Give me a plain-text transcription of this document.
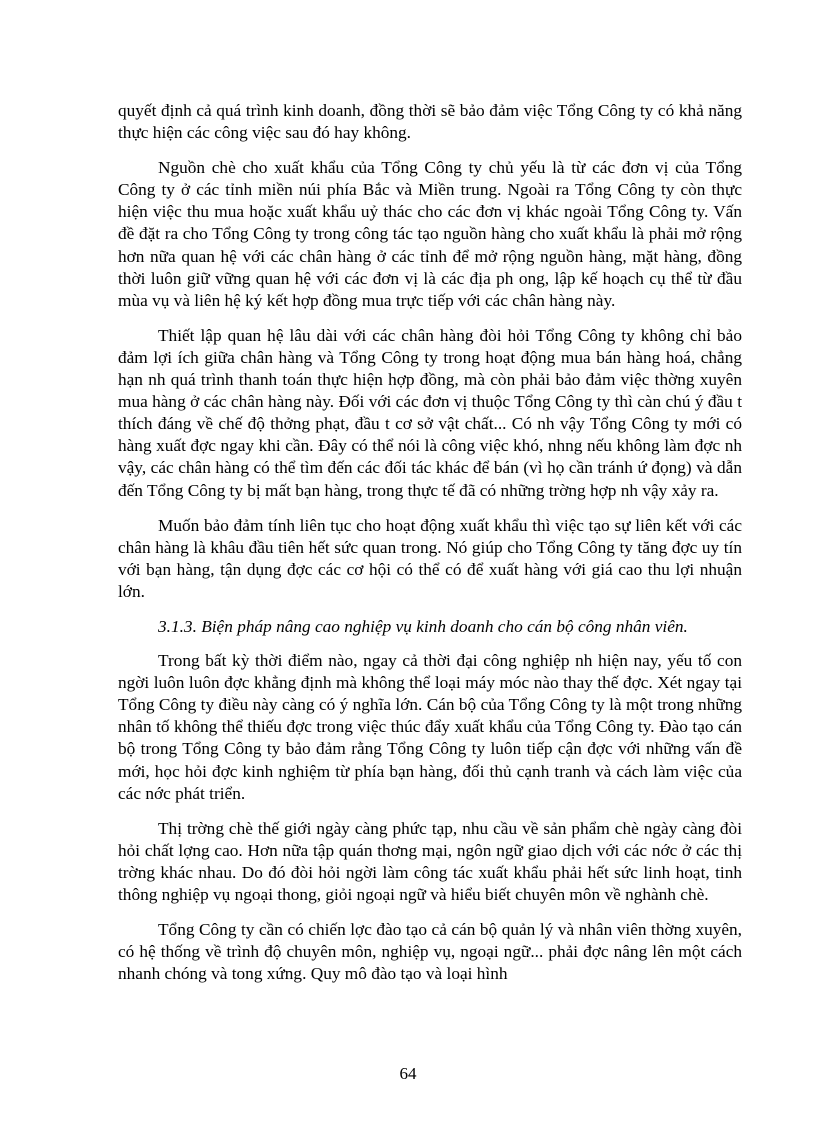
quyết định cả quá trình kinh doanh, đồng thời sẽ bảo đảm việc Tổng Công ty có khả năng thực hiện các công việc sau đó hay không.

Nguồn chè cho xuất khẩu của Tổng Công ty chủ yếu là từ các đơn vị của Tổng Công ty ở các tỉnh miền núi phía Bắc và Miền trung. Ngoài ra Tổng Công ty còn thực hiện việc thu mua hoặc xuất khẩu uỷ thác cho các đơn vị khác ngoài Tổng Công ty. Vấn đề đặt ra cho Tổng Công ty trong công tác tạo nguồn hàng cho xuất khẩu là phải mở rộng hơn nữa quan hệ với các chân hàng ở các tỉnh để mở rộng nguồn hàng, mặt hàng, đồng thời luôn giữ vững quan hệ với các đơn vị là các địa ph ong, lập kế hoạch cụ thể từ đầu mùa vụ và liên hệ ký kết hợp đồng mua trực tiếp với các chân hàng này.

Thiết lập quan hệ lâu dài với các chân hàng đòi hỏi Tổng Công ty không chỉ bảo đảm lợi ích giữa chân hàng và Tổng Công ty trong hoạt động mua bán hàng hoá, chẳng hạn nh quá trình thanh toán thực hiện hợp đồng, mà còn phải bảo đảm việc thờng xuyên mua hàng ở các chân hàng này. Đối với các đơn vị thuộc Tổng Công ty thì càn chú ý đầu t thích đáng về chế độ thởng phạt, đầu t cơ sở vật chất... Có nh vậy Tổng Công ty mới có hàng xuất đợc ngay khi cần. Đây có thể nói là công việc khó, nhng nếu không làm đợc nh vậy, các chân hàng có thể tìm đến các đối tác khác để bán (vì họ cần tránh ứ đọng) và dẫn đến Tổng Công ty bị mất bạn hàng, trong thực tế đã có những trờng hợp nh vậy xảy ra.

Muốn bảo đảm tính liên tục cho hoạt động xuất khẩu thì việc tạo sự liên kết với các chân hàng là khâu đầu tiên hết sức quan trong. Nó giúp cho Tổng Công ty tăng đợc uy tín với bạn hàng, tận dụng đợc các cơ hội có thể có để xuất hàng với giá cao thu lợi nhuận lớn.

3.1.3. Biện pháp nâng cao nghiệp vụ kinh doanh cho cán bộ công nhân viên.

Trong bất kỳ thời điểm nào, ngay cả thời đại công nghiệp nh hiện nay, yếu tố con ngời luôn luôn đợc khẳng định mà không thể loại máy móc nào thay thế đợc. Xét ngay tại Tổng Công ty điều này càng có ý nghĩa lớn. Cán bộ của Tổng Công ty là một trong những nhân tố không thể thiếu đợc trong việc thúc đẩy xuất khẩu của Tổng Công ty. Đào tạo cán bộ trong Tổng Công ty bảo đảm rằng Tổng Công ty luôn tiếp cận đợc với những vấn đề mới, học hỏi đợc kinh nghiệm từ phía bạn hàng, đối thủ cạnh tranh và cách làm việc của các nớc phát triển.

Thị trờng chè thế giới ngày càng phức tạp, nhu cầu về sản phẩm chè ngày càng đòi hỏi chất lợng cao. Hơn nữa tập quán thơng mại, ngôn ngữ giao dịch với các nớc ở các thị trờng khác nhau. Do đó đòi hỏi ngời làm công tác xuất khẩu phải hết sức linh hoạt, tinh thông nghiệp vụ ngoại thong, giỏi ngoại ngữ và hiểu biết chuyên môn về nghành chè.

Tổng Công ty cần có chiến lợc đào tạo cả cán bộ quản lý và nhân viên thờng xuyên, có hệ thống về trình độ chuyên môn, nghiệp vụ, ngoại ngữ... phải đợc nâng lên một cách nhanh chóng và tong xứng. Quy mô đào tạo và loại hình

64
